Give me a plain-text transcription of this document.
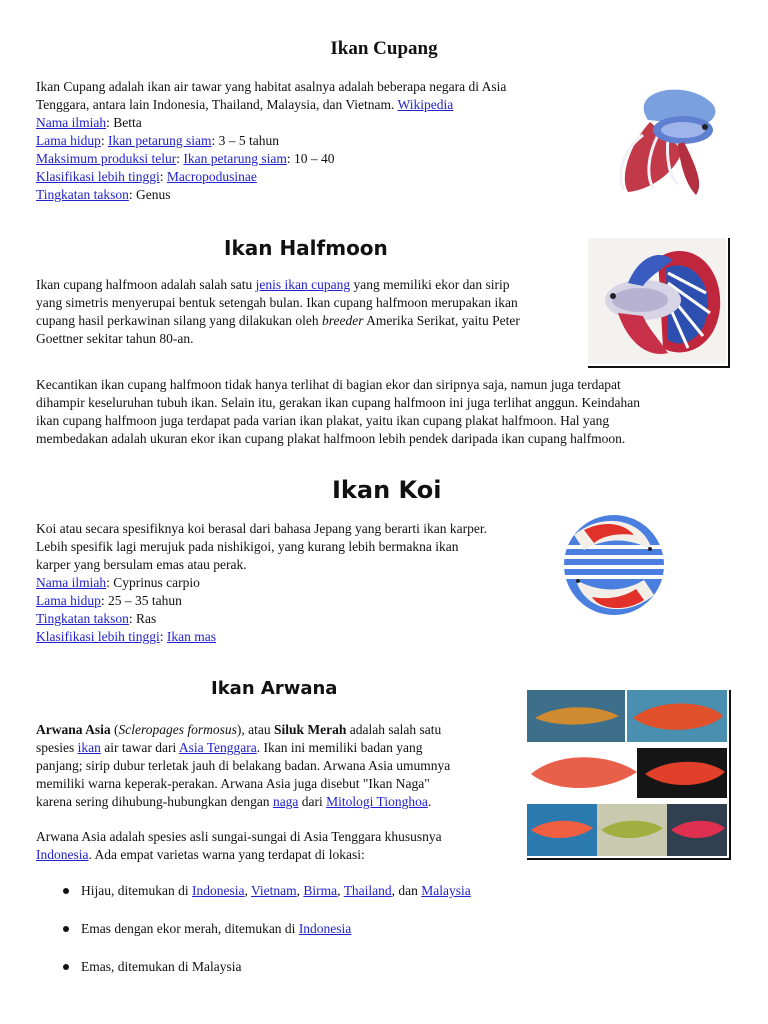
Ikan Cupang
Ikan Cupang adalah ikan air tawar yang habitat asalnya adalah beberapa negara di Asia
Tenggara, antara lain Indonesia, Thailand, Malaysia, dan Vietnam. Wikipedia
Nama ilmiah: Betta
Lama hidup: Ikan petarung siam: 3 – 5 tahun
Maksimum produksi telur: Ikan petarung siam: 10 – 40
Klasifikasi lebih tinggi: Macropodusinae
Tingkatan takson: Genus
Ikan Halfmoon
Ikan cupang halfmoon adalah salah satu jenis ikan cupang yang memiliki ekor dan sirip
yang simetris menyerupai bentuk setengah bulan. Ikan cupang halfmoon merupakan ikan
cupang hasil perkawinan silang yang dilakukan oleh breeder Amerika Serikat, yaitu Peter
Goettner sekitar tahun 80-an.
Kecantikan ikan cupang halfmoon tidak hanya terlihat di bagian ekor dan siripnya saja, namun juga terdapat
dihampir keseluruhan tubuh ikan. Selain itu, gerakan ikan cupang halfmoon ini juga terlihat anggun. Keindahan
ikan cupang halfmoon juga terdapat pada varian ikan plakat, yaitu ikan cupang plakat halfmoon. Hal yang
membedakan adalah ukuran ekor ikan cupang plakat halfmoon lebih pendek daripada ikan cupang halfmoon.
Ikan Koi
Koi atau secara spesifiknya koi berasal dari bahasa Jepang yang berarti ikan karper.
Lebih spesifik lagi merujuk pada nishikigoi, yang kurang lebih bermakna ikan
karper yang bersulam emas atau perak.
Nama ilmiah: Cyprinus carpio
Lama hidup: 25 – 35 tahun
Tingkatan takson: Ras
Klasifikasi lebih tinggi: Ikan mas
Ikan Arwana
Arwana Asia (Scleropages formosus), atau Siluk Merah adalah salah satu
spesies ikan air tawar dari Asia Tenggara. Ikan ini memiliki badan yang
panjang; sirip dubur terletak jauh di belakang badan. Arwana Asia umumnya
memiliki warna keperak-perakan. Arwana Asia juga disebut "Ikan Naga"
karena sering dihubung-hubungkan dengan naga dari Mitologi Tionghoa.
Arwana Asia adalah spesies asli sungai-sungai di Asia Tenggara khususnya
Indonesia. Ada empat varietas warna yang terdapat di lokasi:
Hijau, ditemukan di Indonesia, Vietnam, Birma, Thailand, dan Malaysia
Emas dengan ekor merah, ditemukan di Indonesia
Emas, ditemukan di Malaysia
